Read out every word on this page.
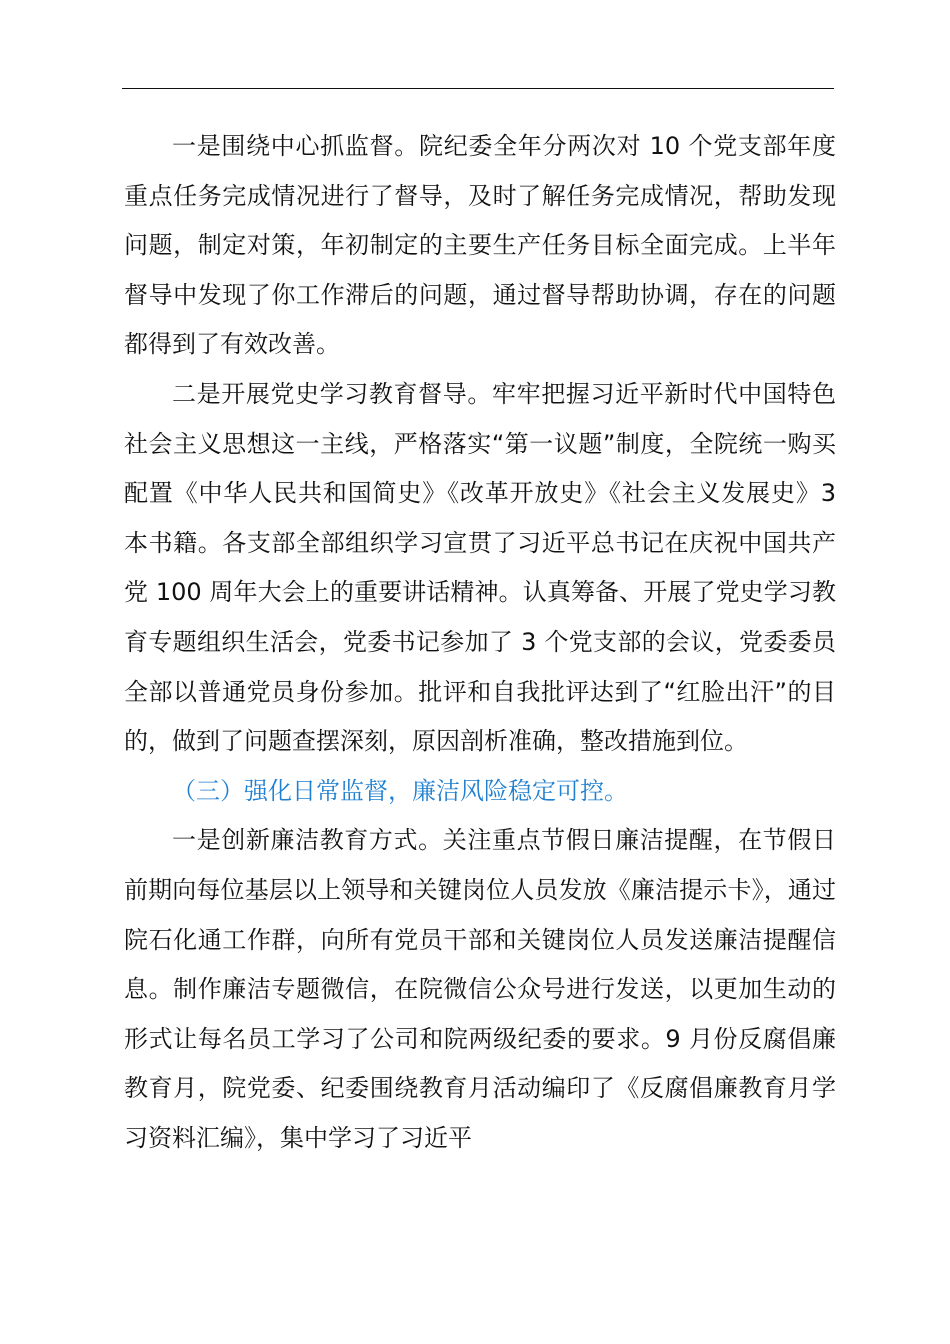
一是围绕中心抓监督。院纪委全年分两次对 10 个党支部年度重点任务完成情况进行了督导，及时了解任务完成情况，帮助发现问题，制定对策，年初制定的主要生产任务目标全面完成。上半年督导中发现了你工作滞后的问题，通过督导帮助协调，存在的问题都得到了有效改善。

二是开展党史学习教育督导。牢牢把握习近平新时代中国特色社会主义思想这一主线，严格落实“第一议题”制度，全院统一购买配置《中华人民共和国简史》《改革开放史》《社会主义发展史》3 本书籍。各支部全部组织学习宣贯了习近平总书记在庆祝中国共产党 100 周年大会上的重要讲话精神。认真筹备、开展了党史学习教育专题组织生活会，党委书记参加了 3 个党支部的会议，党委委员全部以普通党员身份参加。批评和自我批评达到了“红脸出汗”的目的，做到了问题查摆深刻，原因剖析准确，整改措施到位。

（三）强化日常监督，廉洁风险稳定可控。

一是创新廉洁教育方式。关注重点节假日廉洁提醒，在节假日前期向每位基层以上领导和关键岗位人员发放《廉洁提示卡》，通过院石化通工作群，向所有党员干部和关键岗位人员发送廉洁提醒信息。制作廉洁专题微信，在院微信公众号进行发送，以更加生动的形式让每名员工学习了公司和院两级纪委的要求。9 月份反腐倡廉教育月，院党委、纪委围绕教育月活动编印了《反腐倡廉教育月学习资料汇编》，集中学习了习近平
